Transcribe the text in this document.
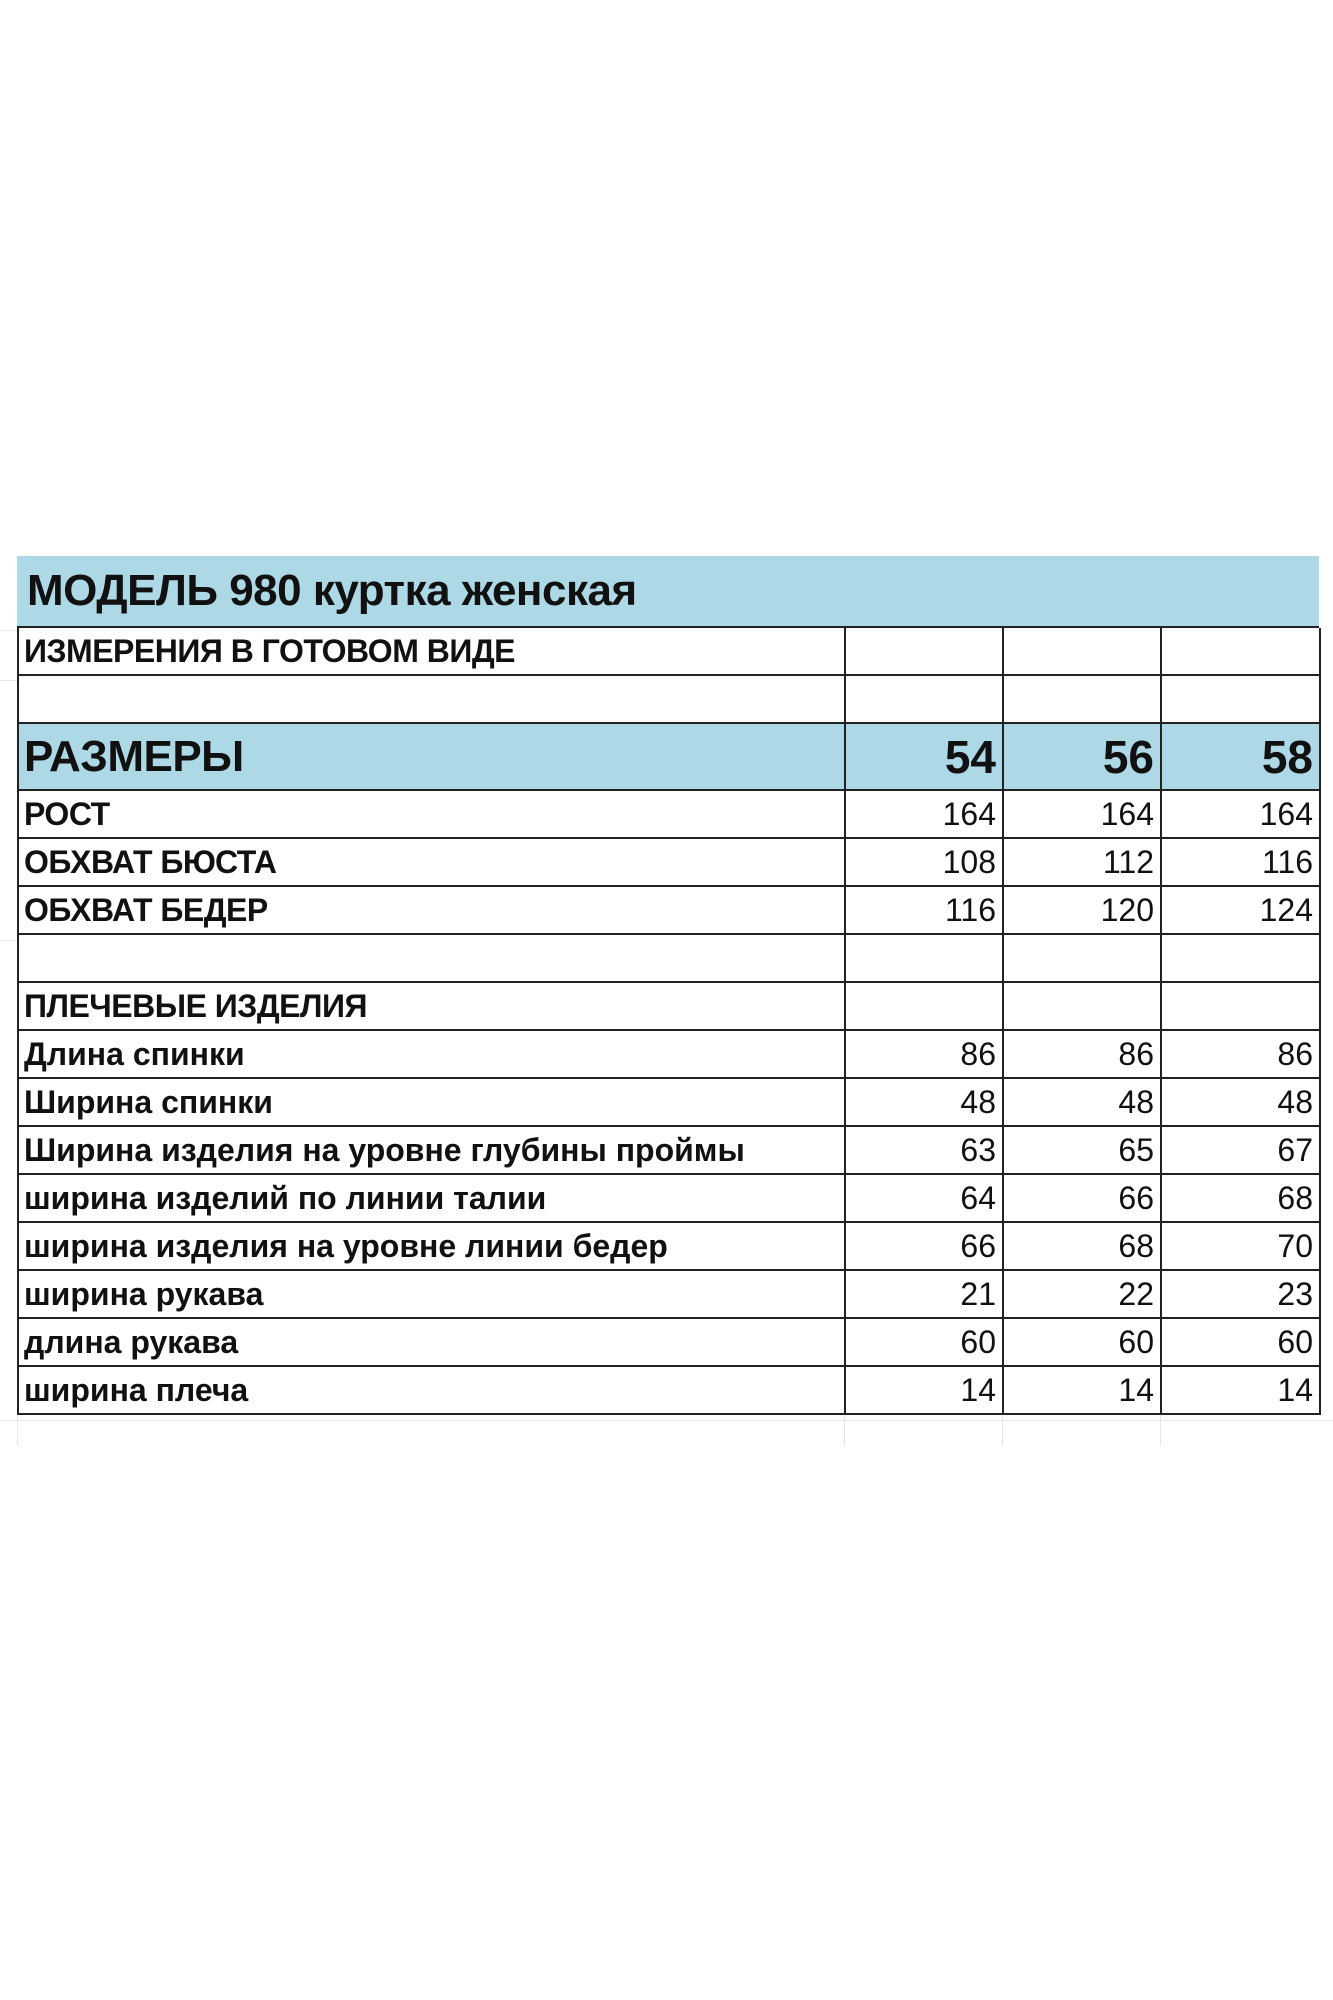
МОДЕЛЬ 980 куртка женская
ИЗМЕРЕНИЯ В ГОТОВОМ ВИДЕ
РАЗМЕРЫ	54	56	58
РОСТ	164	164	164
ОБХВАТ БЮСТА	108	112	116
ОБХВАТ БЕДЕР	116	120	124
ПЛЕЧЕВЫЕ ИЗДЕЛИЯ
Длина спинки	86	86	86
Ширина спинки	48	48	48
Ширина изделия на уровне глубины проймы	63	65	67
ширина изделий по линии талии	64	66	68
ширина изделия на уровне линии бедер	66	68	70
ширина рукава	21	22	23
длина рукава	60	60	60
ширина плеча	14	14	14
